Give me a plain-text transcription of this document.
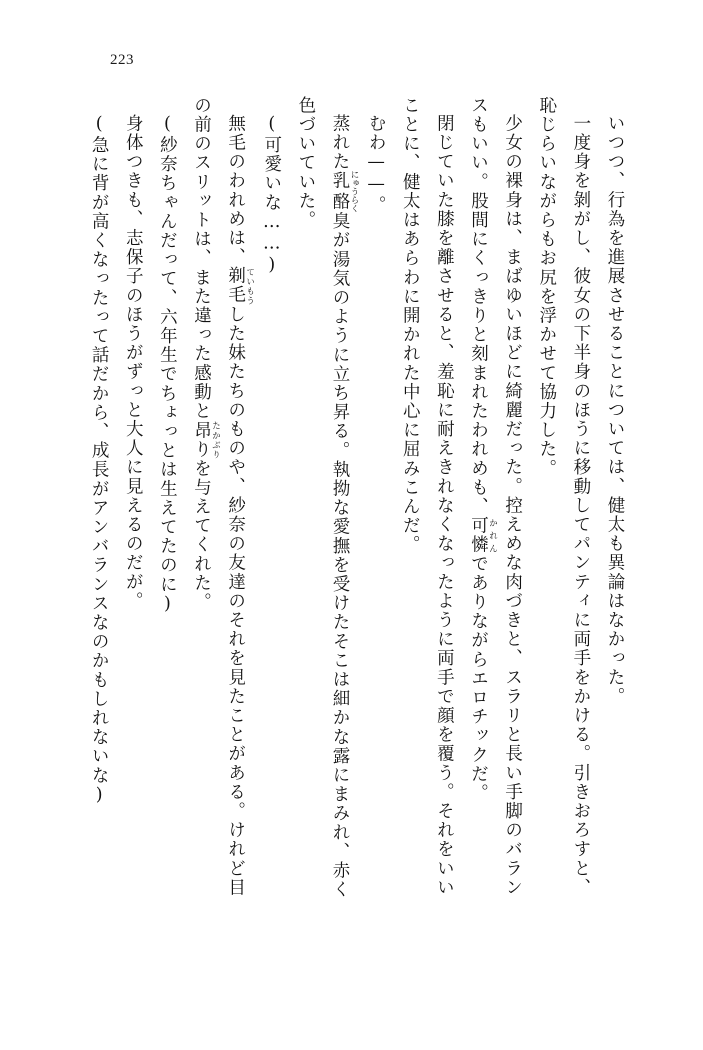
223

いつつ、行為を進展させることについては、健太も異論はなかった。

一度身を剝がし、彼女の下半身のほうに移動してパンティに両手をかける。引きおろすと、恥じらいながらもお尻を浮かせて協力した。

少女の裸身は、まばゆいほどに綺麗だった。控えめな肉づきと、スラリと長い手脚のバランスもいい。股間にくっきりと刻まれたわれめも、可憐 かれんでありながらエロチックだ。

閉じていた膝を離させると、羞恥に耐えきれなくなったように両手で顔を覆う。それをいいことに、健太はあらわに開かれた中心に屈みこんだ。

むわ——。

蒸れた乳酪 にゅうらく臭が湯気のように立ち昇る。執拗な愛撫を受けたそこは細かな露にまみれ、赤く色づいていた。

(可愛いな……)

無毛のわれめは、剃毛 ていもうした妹たちのものや、紗奈の友達のそれを見たことがある。けれど目の前のスリットは、また違った感動と昂り たかぶりを与えてくれた。

(紗奈ちゃんだって、六年生でちょっとは生えてたのに)

身体つきも、志保子のほうがずっと大人に見えるのだが。

(急に背が高くなったって話だから、成長がアンバランスなのかもしれないな)
